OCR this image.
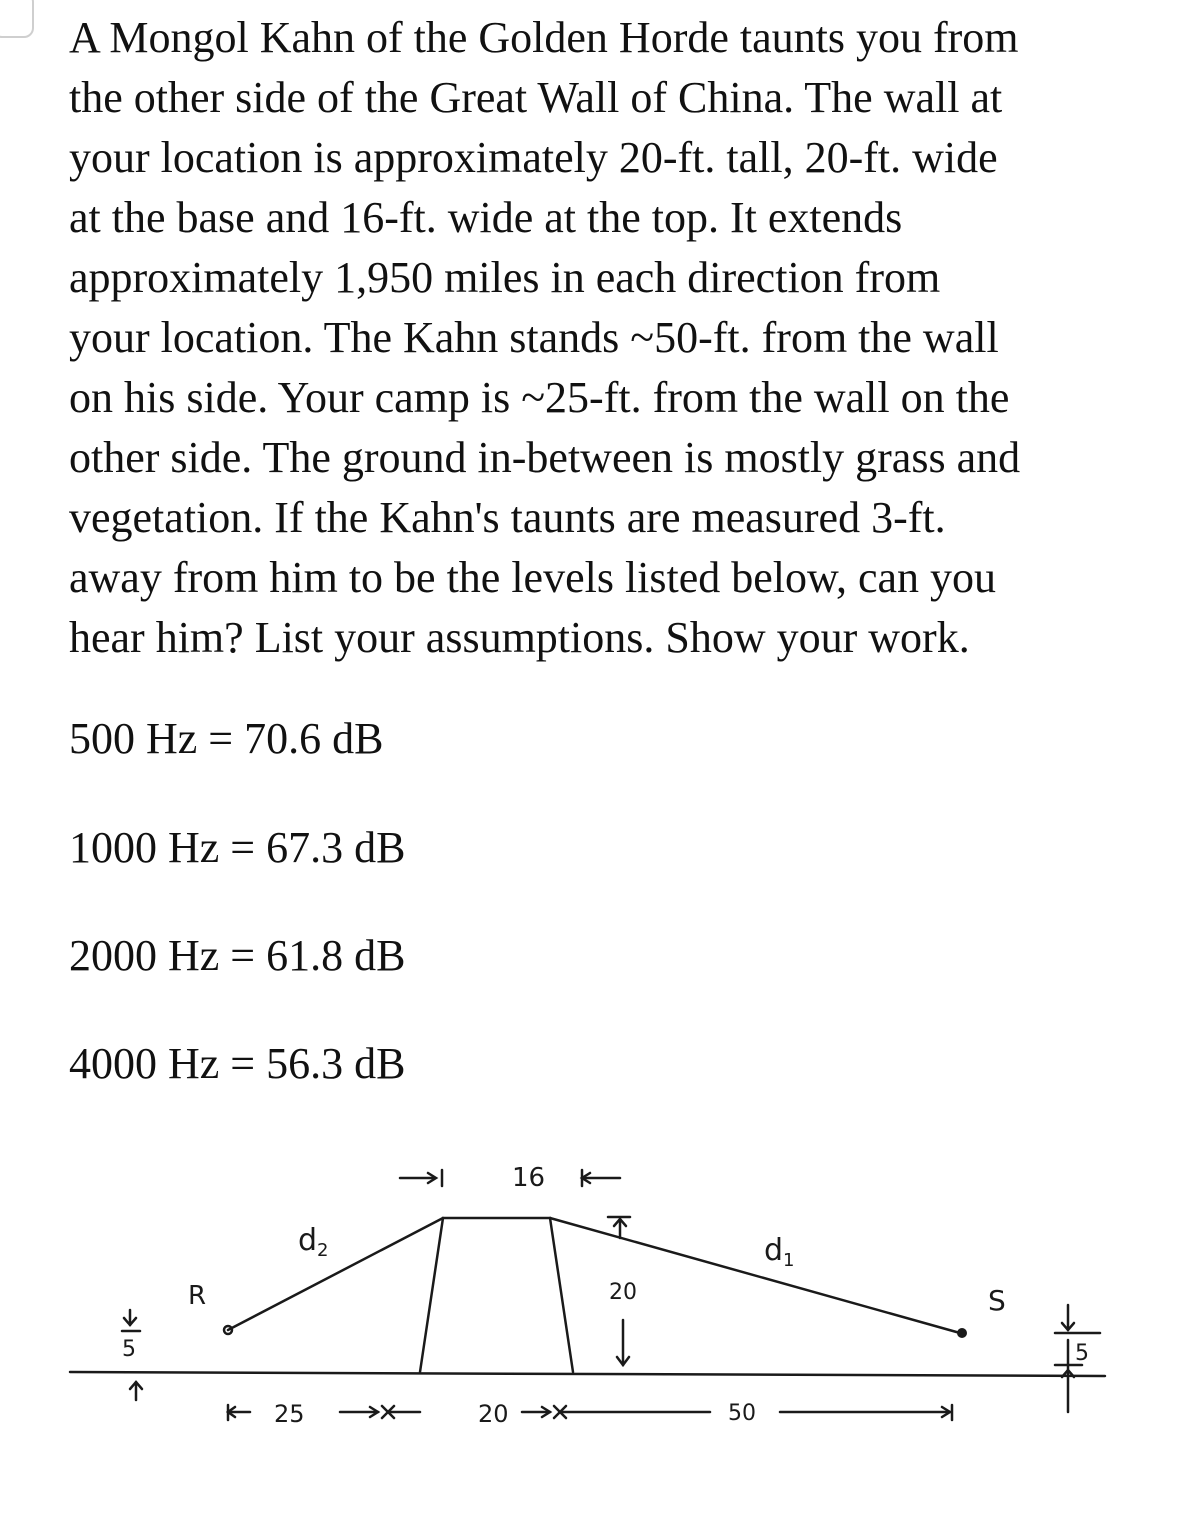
A Mongol Kahn of the Golden Horde taunts you from
the other side of the Great Wall of China. The wall at
your location is approximately 20-ft. tall, 20-ft. wide
at the base and 16-ft. wide at the top. It extends
approximately 1,950 miles in each direction from
your location. The Kahn stands ~50-ft. from the wall
on his side. Your camp is ~25-ft. from the wall on the
other side. The ground in-between is mostly grass and
vegetation. If the Kahn's taunts are measured 3-ft.
away from him to be the levels listed below, can you
hear him? List your assumptions. Show your work.

500 Hz = 70.6 dB

1000 Hz = 67.3 dB

2000 Hz = 61.8 dB

4000 Hz = 56.3 dB

16
20
$d_2$	$d_1$
R	S
5	5
25	20	50
